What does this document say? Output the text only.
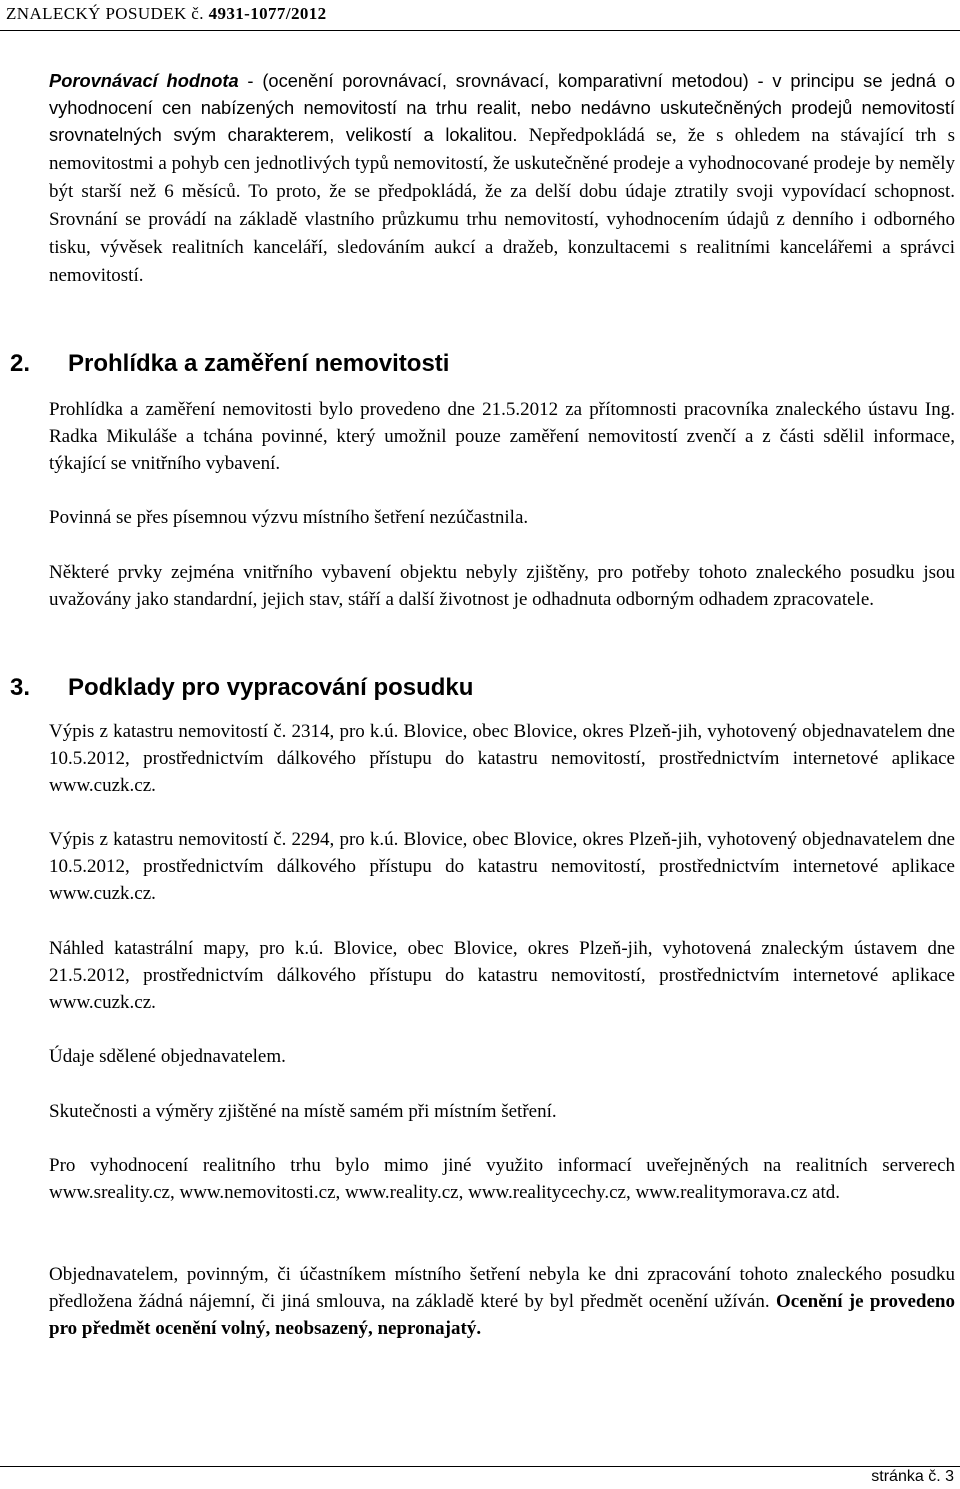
ZNALECKÝ POSUDEK č. 4931-1077/2012

Porovnávací hodnota - (ocenění porovnávací, srovnávací, komparativní metodou) - v principu se jedná o vyhodnocení cen nabízených nemovitostí na trhu realit, nebo nedávno uskutečněných prodejů nemovitostí srovnatelných svým charakterem, velikostí a lokalitou. Nepředpokládá se, že s ohledem na stávající trh s nemovitostmi a pohyb cen jednotlivých typů nemovitostí, že uskutečněné prodeje a vyhodnocované prodeje by neměly být starší než 6 měsíců. To proto, že se předpokládá, že za delší dobu údaje ztratily svoji vypovídací schopnost. Srovnání se provádí na základě vlastního průzkumu trhu nemovitostí, vyhodnocením údajů z denního i odborného tisku, vývěsek realitních kanceláří, sledováním aukcí a dražeb, konzultacemi s realitními kancelářemi a správci nemovitostí.

2. Prohlídka a zaměření nemovitosti

Prohlídka a zaměření nemovitosti bylo provedeno dne 21.5.2012 za přítomnosti pracovníka znaleckého ústavu Ing. Radka Mikuláše a tchána povinné, který umožnil pouze zaměření nemovitostí zvenčí a z části sdělil informace, týkající se vnitřního vybavení.

Povinná se přes písemnou výzvu místního šetření nezúčastnila.

Některé prvky zejména vnitřního vybavení objektu nebyly zjištěny, pro potřeby tohoto znaleckého posudku jsou uvažovány jako standardní, jejich stav, stáří a další životnost je odhadnuta odborným odhadem zpracovatele.

3. Podklady pro vypracování posudku

Výpis z katastru nemovitostí č. 2314, pro k.ú. Blovice, obec Blovice, okres Plzeň-jih, vyhotovený objednavatelem dne 10.5.2012, prostřednictvím dálkového přístupu do katastru nemovitostí, prostřednictvím internetové aplikace www.cuzk.cz.

Výpis z katastru nemovitostí č. 2294, pro k.ú. Blovice, obec Blovice, okres Plzeň-jih, vyhotovený objednavatelem dne 10.5.2012, prostřednictvím dálkového přístupu do katastru nemovitostí, prostřednictvím internetové aplikace www.cuzk.cz.

Náhled katastrální mapy, pro k.ú. Blovice, obec Blovice, okres Plzeň-jih, vyhotovená znaleckým ústavem dne 21.5.2012, prostřednictvím dálkového přístupu do katastru nemovitostí, prostřednictvím internetové aplikace www.cuzk.cz.

Údaje sdělené objednavatelem.

Skutečnosti a výměry zjištěné na místě samém při místním šetření.

Pro vyhodnocení realitního trhu bylo mimo jiné využito informací uveřejněných na realitních serverech www.sreality.cz, www.nemovitosti.cz, www.reality.cz, www.realitycechy.cz, www.realitymorava.cz atd.

Objednavatelem, povinným, či účastníkem místního šetření nebyla ke dni zpracování tohoto znaleckého posudku předložena žádná nájemní, či jiná smlouva, na základě které by byl předmět ocenění užíván. Ocenění je provedeno pro předmět ocenění volný, neobsazený, nepronajatý.

stránka č. 3
